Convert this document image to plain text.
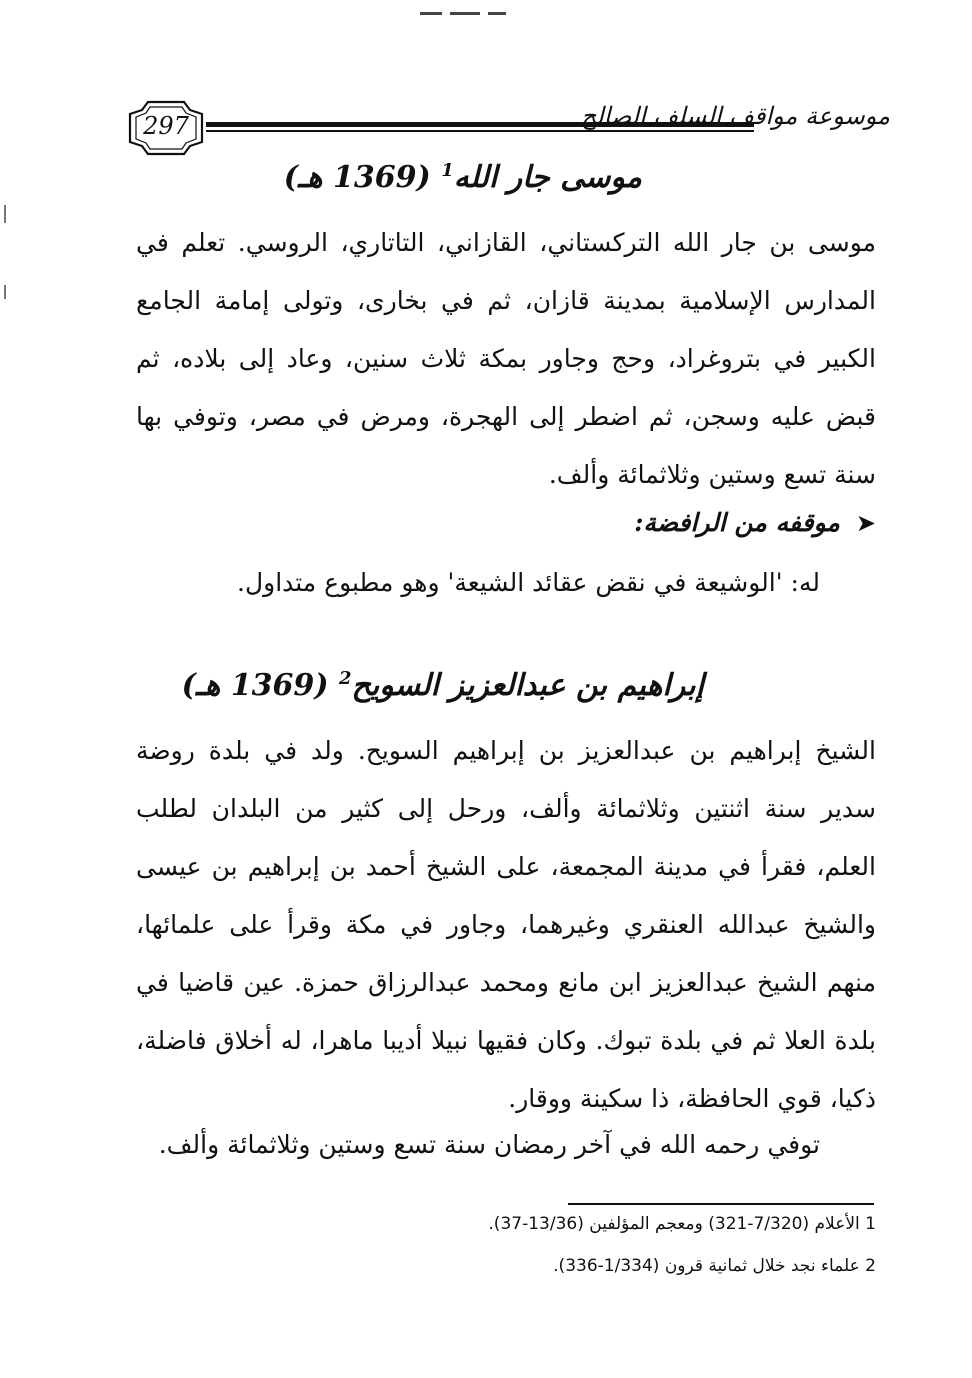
297	موسوعة مواقف السلف الصالح
موسى جار الله$^1$ (1369 هـ)
موسى بن جار الله التركستاني، القازاني، التاتاري، الروسي. تعلم في المدارس الإسلامية بمدينة قازان، ثم في بخارى، وتولى إمامة الجامع الكبير في بتروغراد، وحج وجاور بمكة ثلاث سنين، وعاد إلى بلاده، ثم قبض عليه وسجن، ثم اضطر إلى الهجرة، ومرض في مصر، وتوفي بها سنة تسع وستين وثلاثمائة وألف.
➤موقفه من الرافضة:
له: 'الوشيعة في نقض عقائد الشيعة' وهو مطبوع متداول.
إبراهيم بن عبدالعزيز السويح$^2$ (1369 هـ)
الشيخ إبراهيم بن عبدالعزيز بن إبراهيم السويح. ولد في بلدة روضة سدير سنة اثنتين وثلاثمائة وألف، ورحل إلى كثير من البلدان لطلب العلم، فقرأ في مدينة المجمعة، على الشيخ أحمد بن إبراهيم بن عيسى والشيخ عبدالله العنقري وغيرهما، وجاور في مكة وقرأ على علمائها، منهم الشيخ عبدالعزيز ابن مانع ومحمد عبدالرزاق حمزة. عين قاضيا في بلدة العلا ثم في بلدة تبوك. وكان فقيها نبيلا أديبا ماهرا، له أخلاق فاضلة، ذكيا، قوي الحافظة، ذا سكينة ووقار.
توفي رحمه الله في آخر رمضان سنة تسع وستين وثلاثمائة وألف.
1 الأعلام (7/320-321) ومعجم المؤلفين (13/36-37).
2 علماء نجد خلال ثمانية قرون (1/334-336).
